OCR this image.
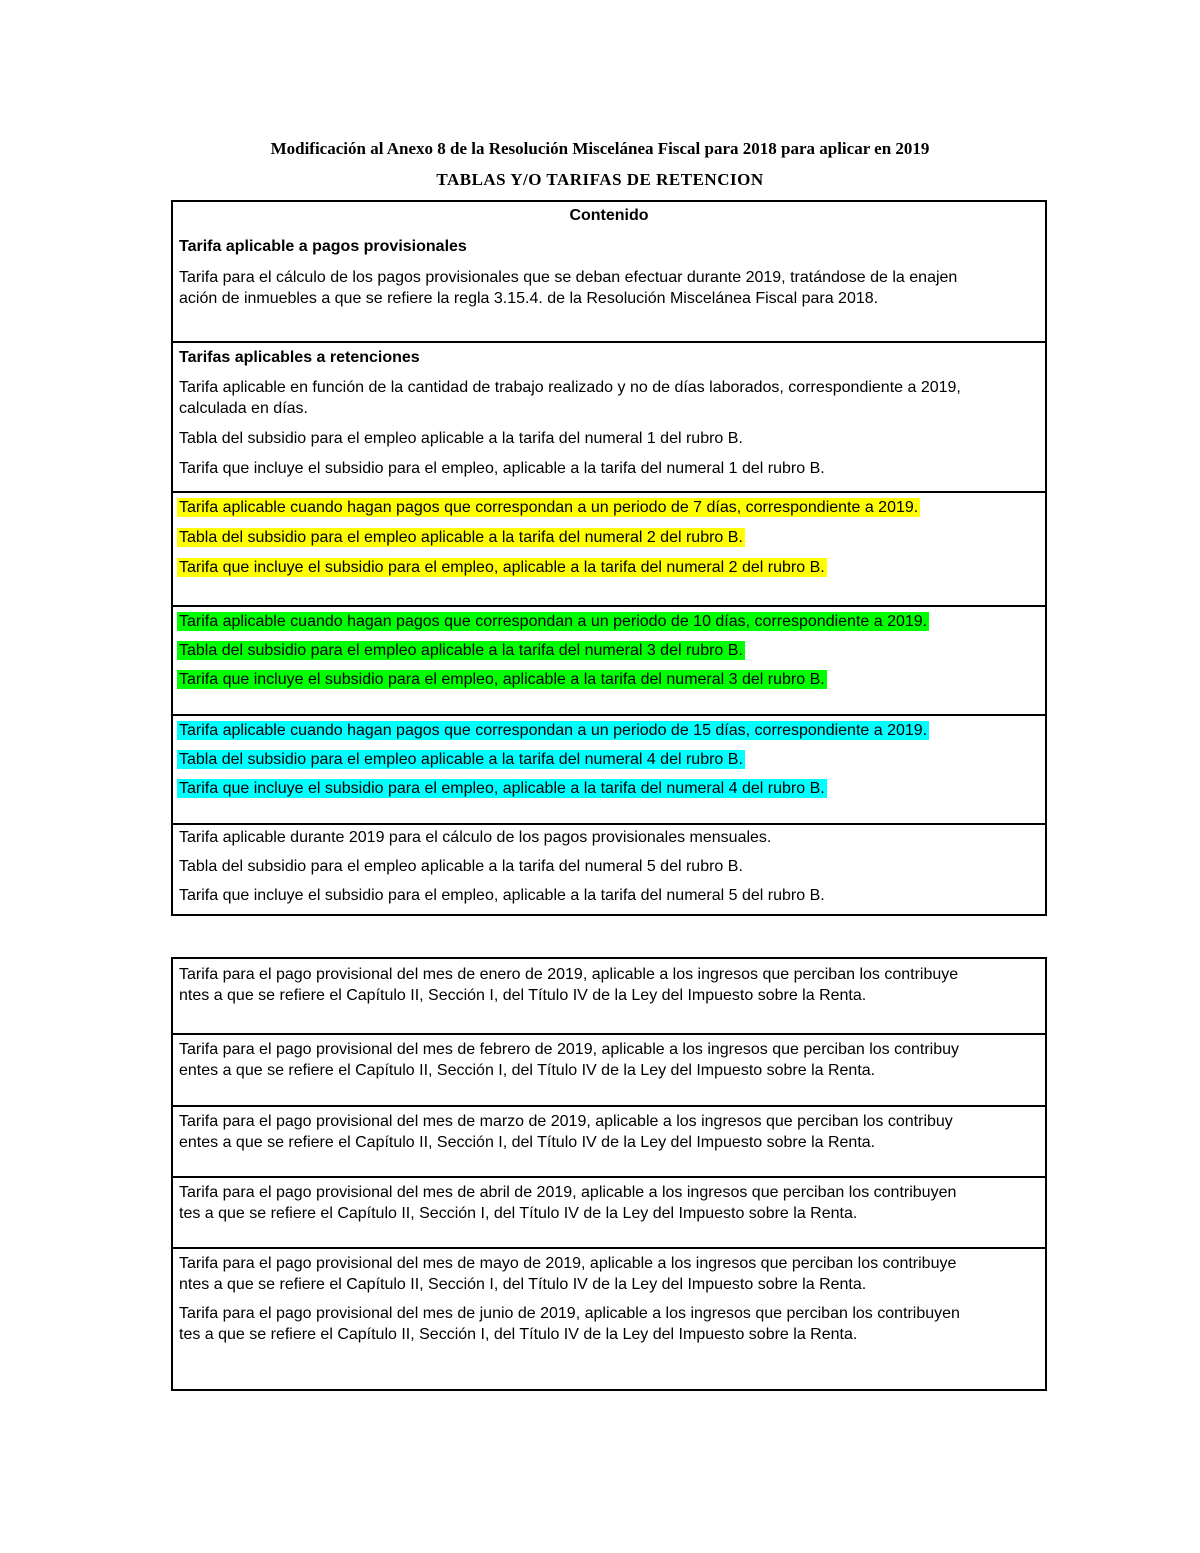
Modificación al Anexo 8 de la Resolución Miscelánea Fiscal para 2018 para aplicar en 2019
TABLAS Y/O TARIFAS DE RETENCION
Contenido
Tarifa aplicable a pagos provisionales
Tarifa para el cálculo de los pagos provisionales que se deban efectuar durante 2019, tratándose de la enajen
ación de inmuebles a que se refiere la regla 3.15.4. de la Resolución Miscelánea Fiscal para 2018.
Tarifas aplicables a retenciones
Tarifa aplicable en función de la cantidad de trabajo realizado y no de días laborados, correspondiente a 2019,
calculada en días.
Tabla del subsidio para el empleo aplicable a la tarifa del numeral 1 del rubro B.
Tarifa que incluye el subsidio para el empleo, aplicable a la tarifa del numeral 1 del rubro B.
Tarifa aplicable cuando hagan pagos que correspondan a un periodo de 7 días, correspondiente a 2019.
Tabla del subsidio para el empleo aplicable a la tarifa del numeral 2 del rubro B.
Tarifa que incluye el subsidio para el empleo, aplicable a la tarifa del numeral 2 del rubro B.
Tarifa aplicable cuando hagan pagos que correspondan a un periodo de 10 días, correspondiente a 2019.
Tabla del subsidio para el empleo aplicable a la tarifa del numeral 3 del rubro B.
Tarifa que incluye el subsidio para el empleo, aplicable a la tarifa del numeral 3 del rubro B.
Tarifa aplicable cuando hagan pagos que correspondan a un periodo de 15 días, correspondiente a 2019.
Tabla del subsidio para el empleo aplicable a la tarifa del numeral 4 del rubro B.
Tarifa que incluye el subsidio para el empleo, aplicable a la tarifa del numeral 4 del rubro B.
Tarifa aplicable durante 2019 para el cálculo de los pagos provisionales mensuales.
Tabla del subsidio para el empleo aplicable a la tarifa del numeral 5 del rubro B.
Tarifa que incluye el subsidio para el empleo, aplicable a la tarifa del numeral 5 del rubro B.
Tarifa para el pago provisional del mes de enero de 2019, aplicable a los ingresos que perciban los contribuye
ntes a que se refiere el Capítulo II, Sección I, del Título IV de la Ley del Impuesto sobre la Renta.
Tarifa para el pago provisional del mes de febrero de 2019, aplicable a los ingresos que perciban los contribuy
entes a que se refiere el Capítulo II, Sección I, del Título IV de la Ley del Impuesto sobre la Renta.
Tarifa para el pago provisional del mes de marzo de 2019, aplicable a los ingresos que perciban los contribuy
entes a que se refiere el Capítulo II, Sección I, del Título IV de la Ley del Impuesto sobre la Renta.
Tarifa para el pago provisional del mes de abril de 2019, aplicable a los ingresos que perciban los contribuyen
tes a que se refiere el Capítulo II, Sección I, del Título IV de la Ley del Impuesto sobre la Renta.
Tarifa para el pago provisional del mes de mayo de 2019, aplicable a los ingresos que perciban los contribuye
ntes a que se refiere el Capítulo II, Sección I, del Título IV de la Ley del Impuesto sobre la Renta.
Tarifa para el pago provisional del mes de junio de 2019, aplicable a los ingresos que perciban los contribuyen
tes a que se refiere el Capítulo II, Sección I, del Título IV de la Ley del Impuesto sobre la Renta.
